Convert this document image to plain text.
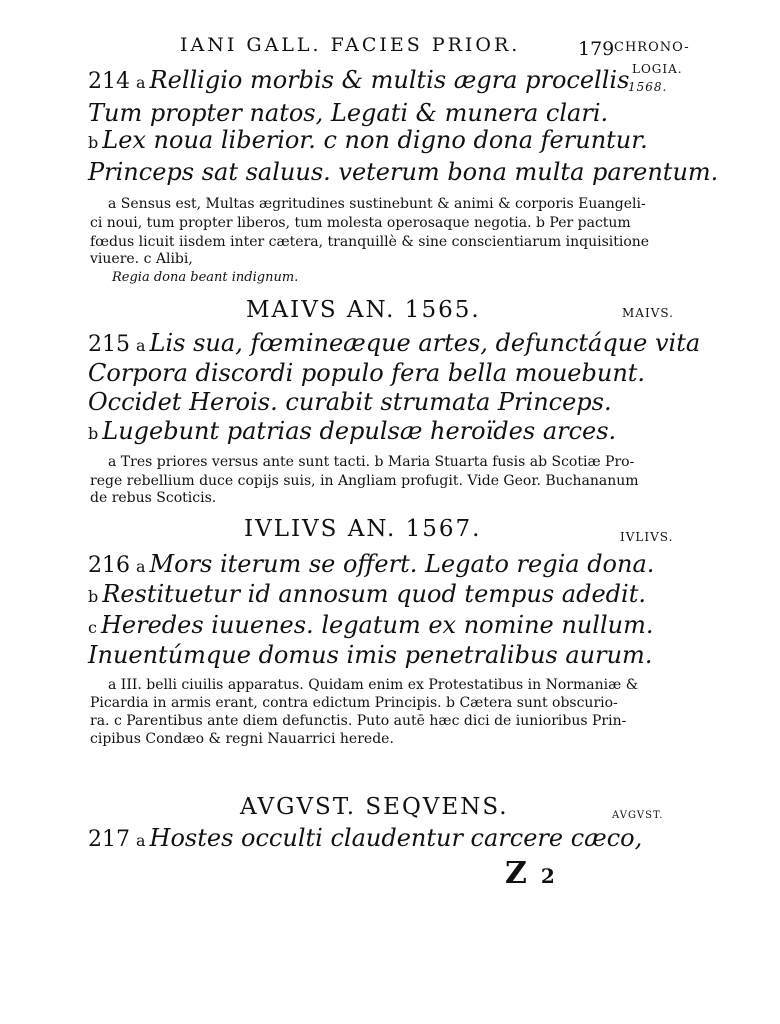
IANI GALL. FACIES PRIOR.	179 CHRONO-
LOGIA.
1568.
214 a Relligio morbis & multis ægra procellis
Tum propter natos, Legati & munera clari.
b Lex noua liberior. c non digno dona feruntur.
Princeps sat saluus. veterum bona multa parentum.
a Sensus est, Multas ægritudines sustinebunt & animi & corporis Euangeli-
ci noui, tum propter liberos, tum molesta operosaque negotia. b Per pactum
fœdus licuit iisdem inter cætera, tranquillè & sine conscientiarum inquisitione
viuere. c Alibi,
Regia dona beant indignum.
MAIVS AN. 1565.	MAIVS.
215 a Lis sua, fœmineæque artes, defunctáque vita
Corpora discordi populo fera bella mouebunt.
Occidet Herois. curabit strumata Princeps.
b Lugebunt patrias depulsæ heroïdes arces.
a Tres priores versus ante sunt tacti. b Maria Stuarta fusis ab Scotiæ Pro-
rege rebellium duce copijs suis, in Angliam profugit. Vide Geor. Buchananum
de rebus Scoticis.
IVLIVS AN. 1567.	IVLIVS.
216 a Mors iterum se offert. Legato regia dona.
b Restituetur id annosum quod tempus adedit.
c Heredes iuuenes. legatum ex nomine nullum.
Inuentúmque domus imis penetralibus aurum.
a III. belli ciuilis apparatus. Quidam enim ex Protestatibus in Normaniæ &
Picardia in armis erant, contra edictum Principis. b Cætera sunt obscurio-
ra. c Parentibus ante diem defunctis. Puto autē hæc dici de iunioribus Prin-
cipibus Condæo & regni Nauarrici herede.
AVGVST. SEQVENS.	AVGVST.
217 a Hostes occulti claudentur carcere cæco,
Z 2
